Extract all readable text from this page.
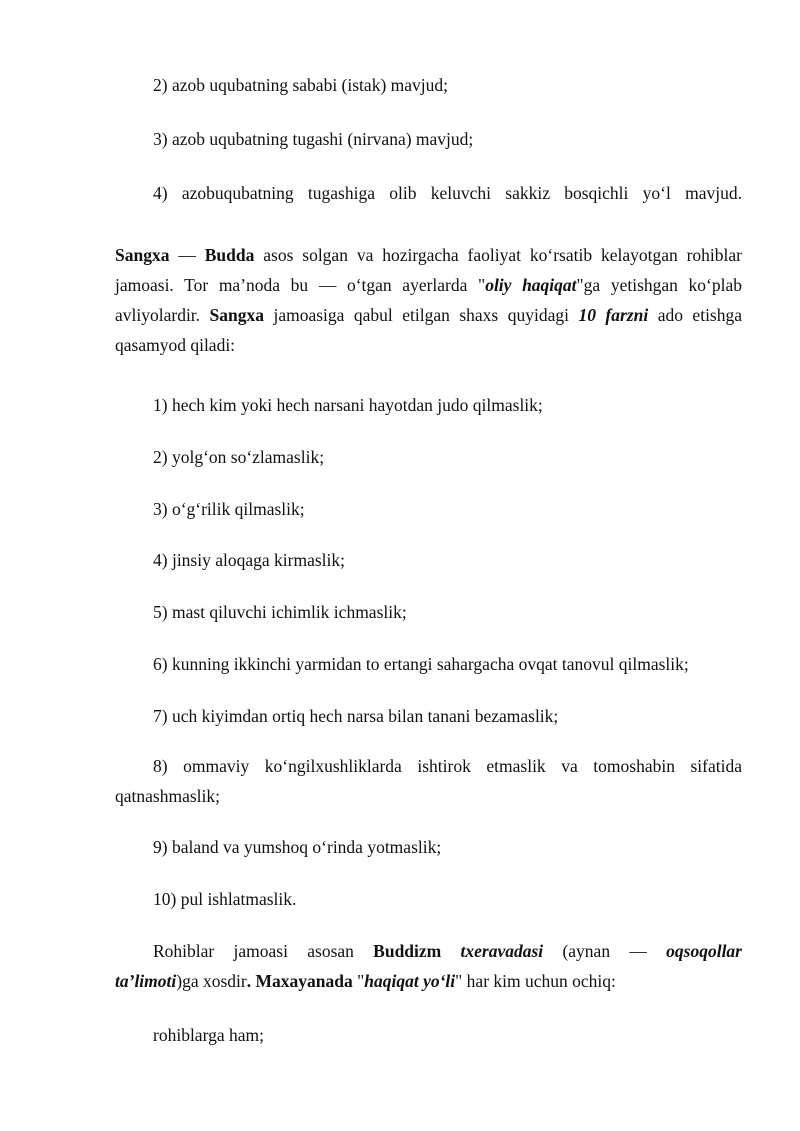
2) azob uqubatning sababi (istak) mavjud;

3) azob uqubatning tugashi (nirvana) mavjud;

4) azobuqubatning tugashiga olib keluvchi sakkiz bosqichli yo‘l mavjud.

Sangxa — Budda asos solgan va hozirgacha faoliyat ko‘rsatib kelayotgan rohiblar
jamoasi. Tor ma’noda bu — o‘tgan ayerlarda "oliy haqiqat"ga yetishgan ko‘plab
avliyolardir. Sangxa jamoasiga qabul etilgan shaxs quyidagi 10 farzni ado etishga
qasamyod qiladi:

1) hech kim yoki hech narsani hayotdan judo qilmaslik;

2) yolg‘on so‘zlamaslik;

3) o‘g‘rilik qilmaslik;

4) jinsiy aloqaga kirmaslik;

5) mast qiluvchi ichimlik ichmaslik;

6) kunning ikkinchi yarmidan to ertangi sahargacha ovqat tanovul qilmaslik;

7) uch kiyimdan ortiq hech narsa bilan tanani bezamaslik;

8) ommaviy ko‘ngilxushliklarda ishtirok etmaslik va tomoshabin sifatida
qatnashmaslik;

9) baland va yumshoq o‘rinda yotmaslik;

10) pul ishlatmaslik.

Rohiblar jamoasi asosan Buddizm txeravadasi (aynan — oqsoqollar
ta’limoti)ga xosdir. Maxayanada "haqiqat yo‘li" har kim uchun ochiq:

rohiblarga ham;
